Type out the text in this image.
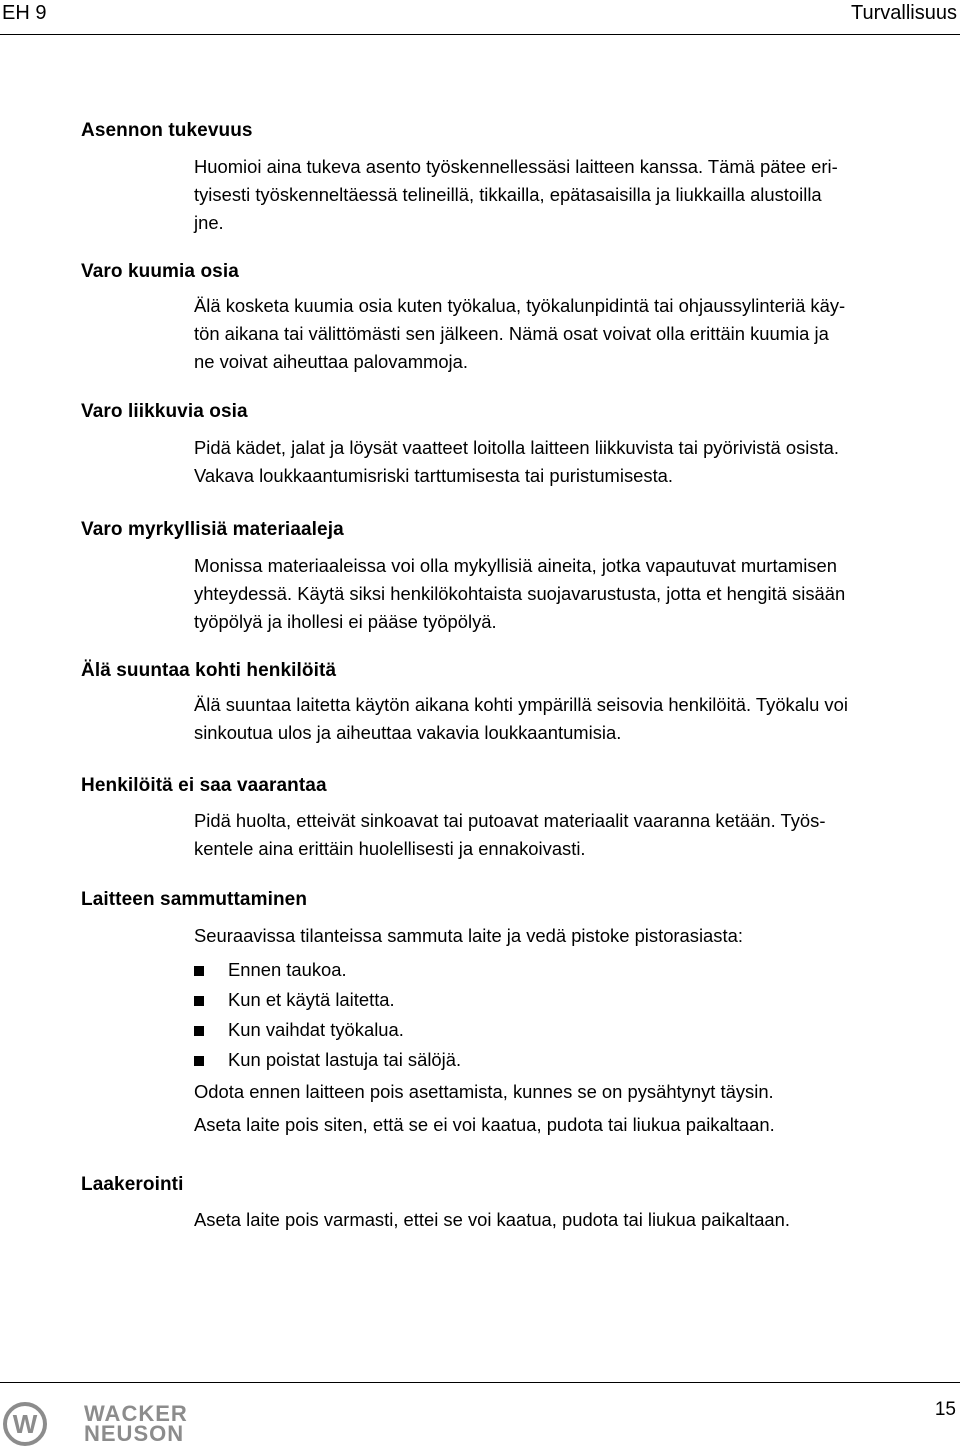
EH 9	Turvallisuus
Asennon tukevuus

Huomioi aina tukeva asento työskennellessäsi laitteen kanssa. Tämä pätee eri-

tyisesti työskenneltäessä telineillä, tikkailla, epätasaisilla ja liukkailla alustoilla

jne.

Varo kuumia osia

Älä kosketa kuumia osia kuten työkalua, työkalunpidintä tai ohjaussylinteriä käy-

tön aikana tai välittömästi sen jälkeen. Nämä osat voivat olla erittäin kuumia ja

ne voivat aiheuttaa palovammoja.

Varo liikkuvia osia

Pidä kädet, jalat ja löysät vaatteet loitolla laitteen liikkuvista tai pyörivistä osista.

Vakava loukkaantumisriski tarttumisesta tai puristumisesta.

Varo myrkyllisiä materiaaleja

Monissa materiaaleissa voi olla mykyllisiä aineita, jotka vapautuvat murtamisen

yhteydessä. Käytä siksi henkilökohtaista suojavarustusta, jotta et hengitä sisään

työpölyä ja ihollesi ei pääse työpölyä.

Älä suuntaa kohti henkilöitä

Älä suuntaa laitetta käytön aikana kohti ympärillä seisovia henkilöitä. Työkalu voi

sinkoutua ulos ja aiheuttaa vakavia loukkaantumisia.

Henkilöitä ei saa vaarantaa

Pidä huolta, etteivät sinkoavat tai putoavat materiaalit vaaranna ketään. Työs-

kentele aina erittäin huolellisesti ja ennakoivasti.

Laitteen sammuttaminen

Seuraavissa tilanteissa sammuta laite ja vedä pistoke pistorasiasta:

Ennen taukoa.
Kun et käytä laitetta.
Kun vaihdat työkalua.
Kun poistat lastuja tai sälöjä.

Odota ennen laitteen pois asettamista, kunnes se on pysähtynyt täysin.

Aseta laite pois siten, että se ei voi kaatua, pudota tai liukua paikaltaan.

Laakerointi

Aseta laite pois varmasti, ettei se voi kaatua, pudota tai liukua paikaltaan.

W WACKER
NEUSON
15
